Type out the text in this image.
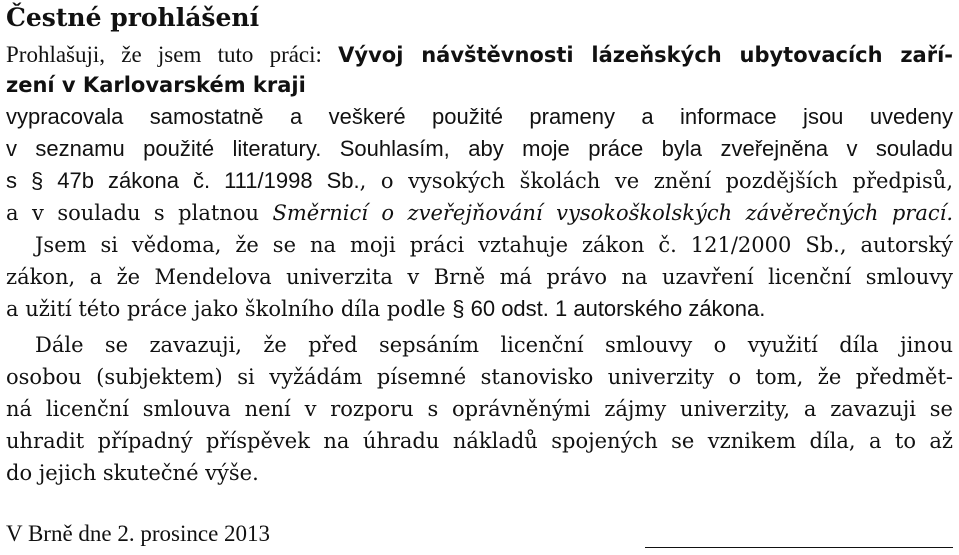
Čestné prohlášení
Prohlašuji, že jsem tuto práci: Vývoj návštěvnosti lázeňských ubytovacích zaří-
zení v Karlovarském kraji
vypracovala samostatně a veškeré použité prameny a informace jsou uvedeny
v seznamu použité literatury. Souhlasím, aby moje práce byla zveřejněna v souladu
s § 47b zákona č. 111/1998 Sb., o vysokých školách ve znění pozdějších předpisů,
a v souladu s platnou Směrnicí o zveřejňování vysokoškolských závěrečných prací.
Jsem si vědoma, že se na moji práci vztahuje zákon č. 121/2000 Sb., autorský
zákon, a že Mendelova univerzita v Brně má právo na uzavření licenční smlouvy
a užití této práce jako školního díla podle § 60 odst. 1 autorského zákona.
Dále se zavazuji, že před sepsáním licenční smlouvy o využití díla jinou
osobou (subjektem) si vyžádám písemné stanovisko univerzity o tom, že předmět-
ná licenční smlouva není v rozporu s oprávněnými zájmy univerzity, a zavazuji se
uhradit případný příspěvek na úhradu nákladů spojených se vznikem díla, a to až
do jejich skutečné výše.
V Brně dne 2. prosince 2013
